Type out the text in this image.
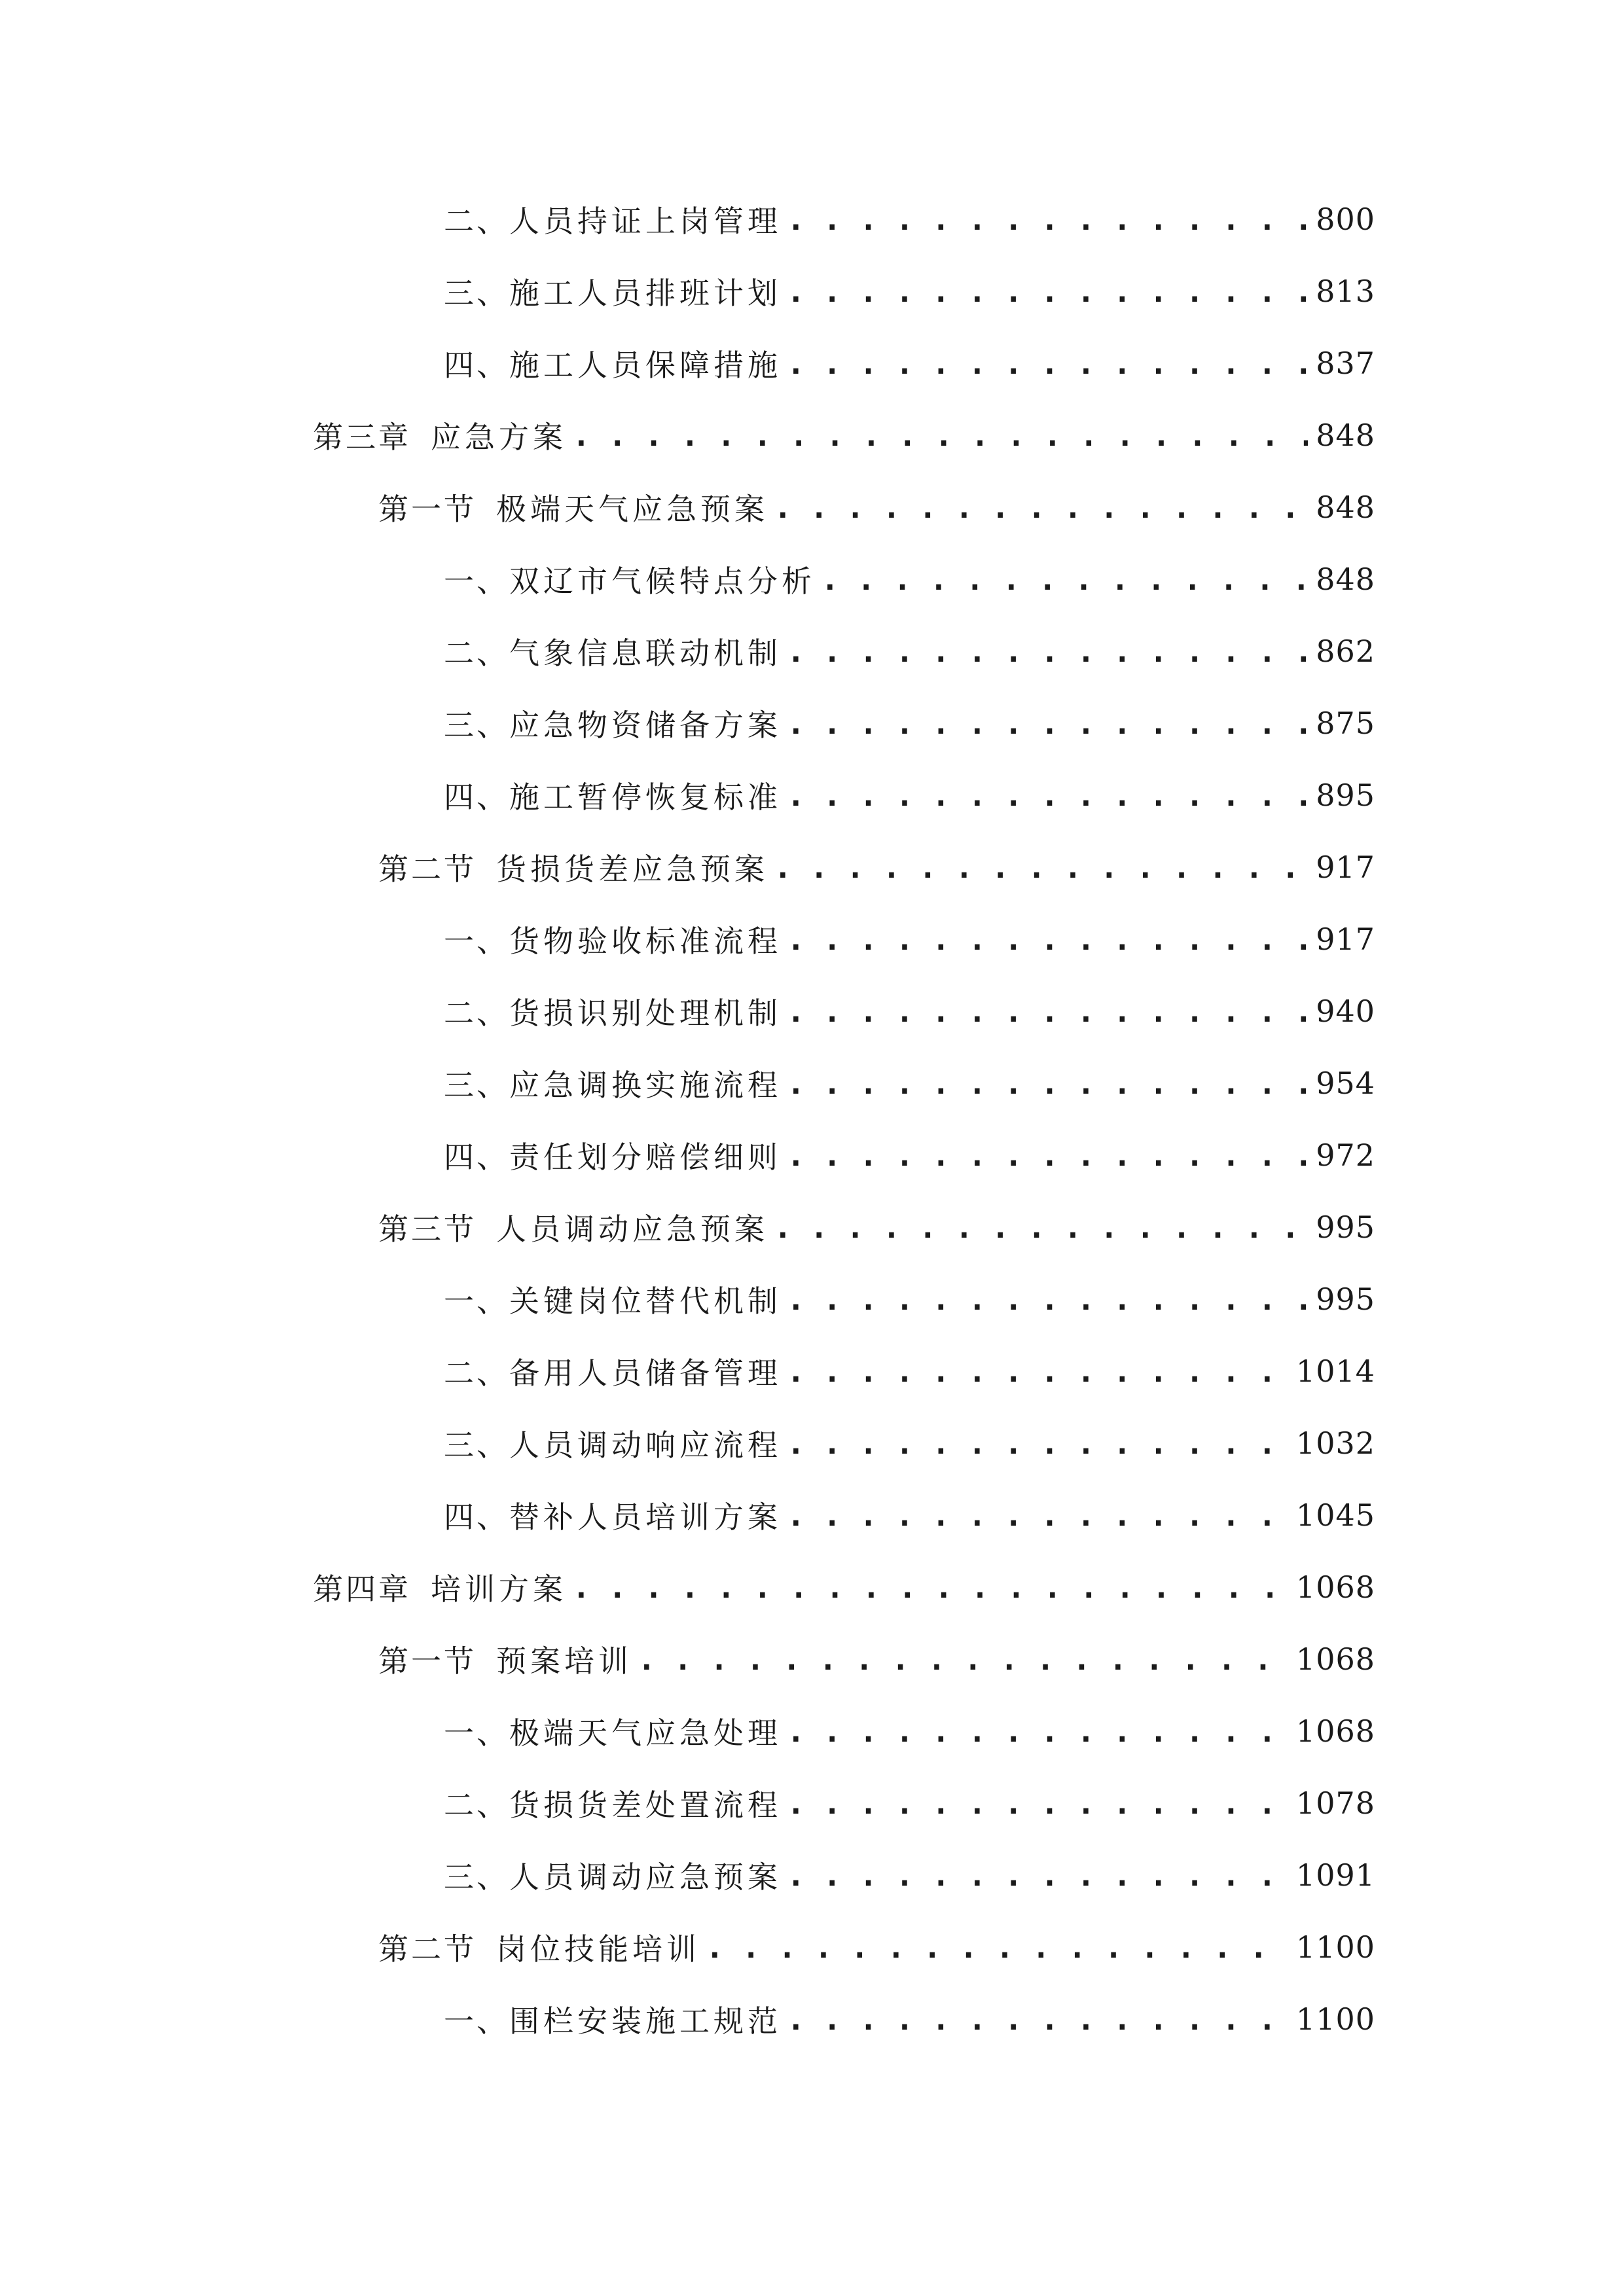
二、 人员持证上岗管理 . . .	800
三、 施工人员排班计划 . . .	813
四、 施工人员保障措施 . . .	837
第三章 应急方案 . . .	848
第一节 极端天气应急预案 . . .	848
一、 双辽市气候特点分析 . . .	848
二、 气象信息联动机制 . . .	862
三、 应急物资储备方案 . . .	875
四、 施工暂停恢复标准 . . .	895
第二节 货损货差应急预案 . . .	917
一、 货物验收标准流程 . . .	917
二、 货损识别处理机制 . . .	940
三、 应急调换实施流程 . . .	954
四、 责任划分赔偿细则 . . .	972
第三节 人员调动应急预案 . . .	995
一、 关键岗位替代机制 . . .	995
二、 备用人员储备管理 . . .	1014
三、 人员调动响应流程 . . .	1032
四、 替补人员培训方案 . . .	1045
第四章 培训方案 . . .	1068
第一节 预案培训 . . .	1068
一、 极端天气应急处理 . . .	1068
二、 货损货差处置流程 . . .	1078
三、 人员调动应急预案 . . .	1091
第二节 岗位技能培训 . . .	1100
一、 围栏安装施工规范 . . .	1100
